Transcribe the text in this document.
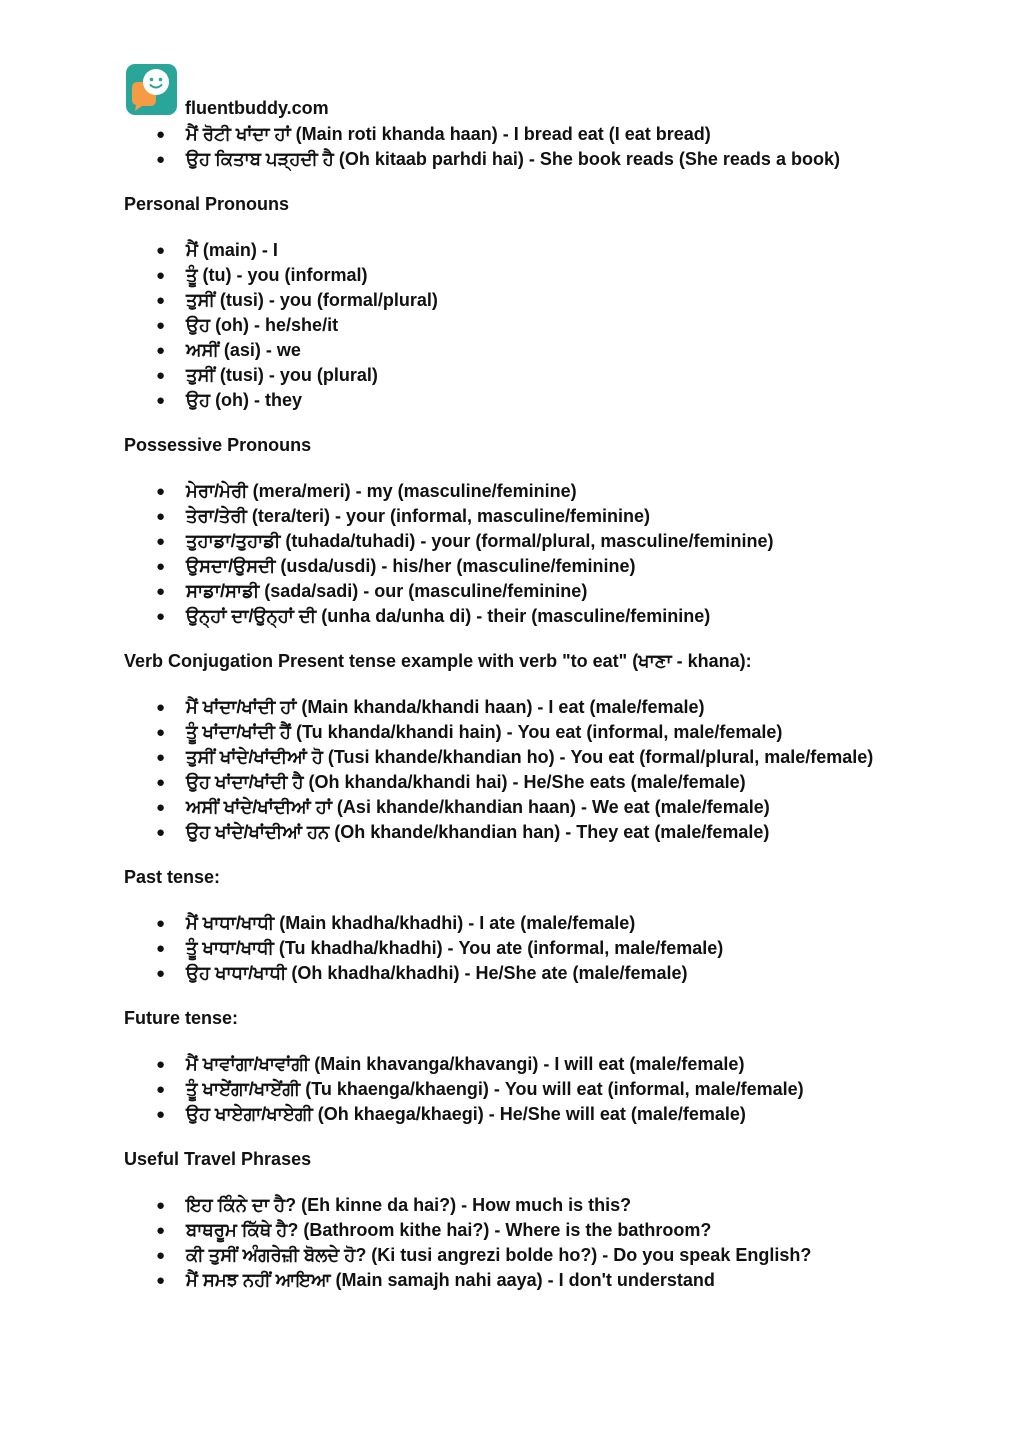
fluentbuddy.com
● ਮੈਂ ਰੋਟੀ ਖਾਂਦਾ ਹਾਂ (Main roti khanda haan) - I bread eat (I eat bread)
● ਉਹ ਕਿਤਾਬ ਪੜ੍ਹਦੀ ਹੈ (Oh kitaab parhdi hai) - She book reads (She reads a book)
Personal Pronouns
● ਮੈਂ (main) - I
● ਤੂੰ (tu) - you (informal)
● ਤੁਸੀਂ (tusi) - you (formal/plural)
● ਉਹ (oh) - he/she/it
● ਅਸੀਂ (asi) - we
● ਤੁਸੀਂ (tusi) - you (plural)
● ਉਹ (oh) - they
Possessive Pronouns
● ਮੇਰਾ/ਮੇਰੀ (mera/meri) - my (masculine/feminine)
● ਤੇਰਾ/ਤੇਰੀ (tera/teri) - your (informal, masculine/feminine)
● ਤੁਹਾਡਾ/ਤੁਹਾਡੀ (tuhada/tuhadi) - your (formal/plural, masculine/feminine)
● ਉਸਦਾ/ਉਸਦੀ (usda/usdi) - his/her (masculine/feminine)
● ਸਾਡਾ/ਸਾਡੀ (sada/sadi) - our (masculine/feminine)
● ਉਨ੍ਹਾਂ ਦਾ/ਉਨ੍ਹਾਂ ਦੀ (unha da/unha di) - their (masculine/feminine)
Verb Conjugation Present tense example with verb "to eat" (ਖਾਣਾ - khana):
● ਮੈਂ ਖਾਂਦਾ/ਖਾਂਦੀ ਹਾਂ (Main khanda/khandi haan) - I eat (male/female)
● ਤੂੰ ਖਾਂਦਾ/ਖਾਂਦੀ ਹੈਂ (Tu khanda/khandi hain) - You eat (informal, male/female)
● ਤੁਸੀਂ ਖਾਂਦੇ/ਖਾਂਦੀਆਂ ਹੋ (Tusi khande/khandian ho) - You eat (formal/plural, male/female)
● ਉਹ ਖਾਂਦਾ/ਖਾਂਦੀ ਹੈ (Oh khanda/khandi hai) - He/She eats (male/female)
● ਅਸੀਂ ਖਾਂਦੇ/ਖਾਂਦੀਆਂ ਹਾਂ (Asi khande/khandian haan) - We eat (male/female)
● ਉਹ ਖਾਂਦੇ/ਖਾਂਦੀਆਂ ਹਨ (Oh khande/khandian han) - They eat (male/female)
Past tense:
● ਮੈਂ ਖਾਧਾ/ਖਾਧੀ (Main khadha/khadhi) - I ate (male/female)
● ਤੂੰ ਖਾਧਾ/ਖਾਧੀ (Tu khadha/khadhi) - You ate (informal, male/female)
● ਉਹ ਖਾਧਾ/ਖਾਧੀ (Oh khadha/khadhi) - He/She ate (male/female)
Future tense:
● ਮੈਂ ਖਾਵਾਂਗਾ/ਖਾਵਾਂਗੀ (Main khavanga/khavangi) - I will eat (male/female)
● ਤੂੰ ਖਾਏਂਗਾ/ਖਾਏਂਗੀ (Tu khaenga/khaengi) - You will eat (informal, male/female)
● ਉਹ ਖਾਏਗਾ/ਖਾਏਗੀ (Oh khaega/khaegi) - He/She will eat (male/female)
Useful Travel Phrases
● ਇਹ ਕਿੰਨੇ ਦਾ ਹੈ? (Eh kinne da hai?) - How much is this?
● ਬਾਥਰੂਮ ਕਿੱਥੇ ਹੈ? (Bathroom kithe hai?) - Where is the bathroom?
● ਕੀ ਤੁਸੀਂ ਅੰਗਰੇਜ਼ੀ ਬੋਲਦੇ ਹੋ? (Ki tusi angrezi bolde ho?) - Do you speak English?
● ਮੈਂ ਸਮਝ ਨਹੀਂ ਆਇਆ (Main samajh nahi aaya) - I don't understand
